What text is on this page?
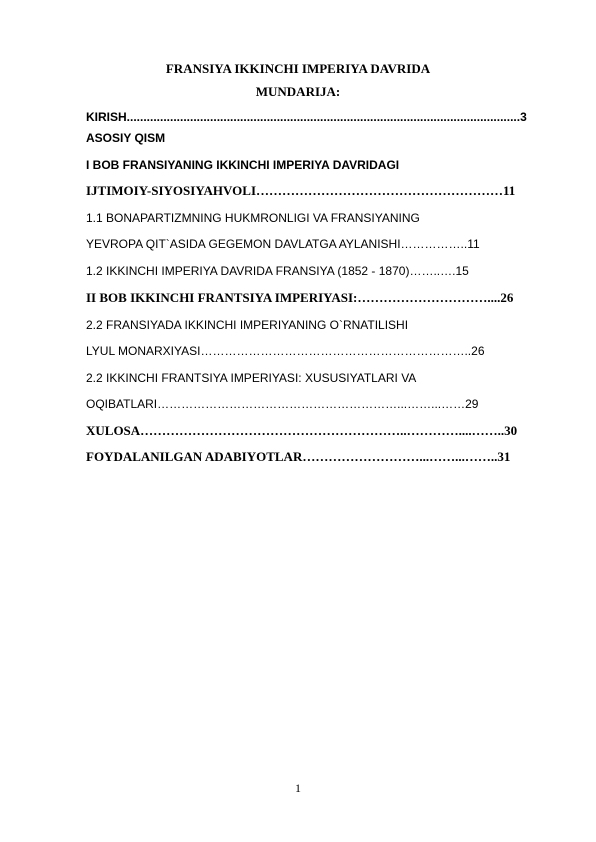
FRANSIYA IKKINCHI IMPERIYA DAVRIDA
MUNDARIJA:
KIRISH......................................................................................................................3
ASOSIY QISM
I BOB FRANSIYANING IKKINCHI IMPERIYA DAVRIDAGI
IJTIMOIY-SIYOSIYAHVOLI…………………………………………………11
1.1 BONAPARTIZMNING HUKMRONLIGI VA FRANSIYANING
YEVROPA QIT`ASIDA GEGEMON DAVLATGA AYLANISHI……………..11
1.2 IKKINCHI IMPERIYA DAVRIDA FRANSIYA (1852 - 1870)……..….15
II BOB IKKINCHI FRANTSIYA IMPERIYASI:…………………………....26
2.2 FRANSIYADA IKKINCHI IMPERIYANING O`RNATILISHI
LYUL MONARXIYASI…………………………………………………………..26
2.2 IKKINCHI FRANTSIYA IMPERIYASI: XUSUSIYATLARI VA
OQIBATLARI……………………………………………………...……...……29
XULOSA……………………………………………………..…………....……..30
FOYDALANILGAN ADABIYOTLAR………………………...……...……..31
1
